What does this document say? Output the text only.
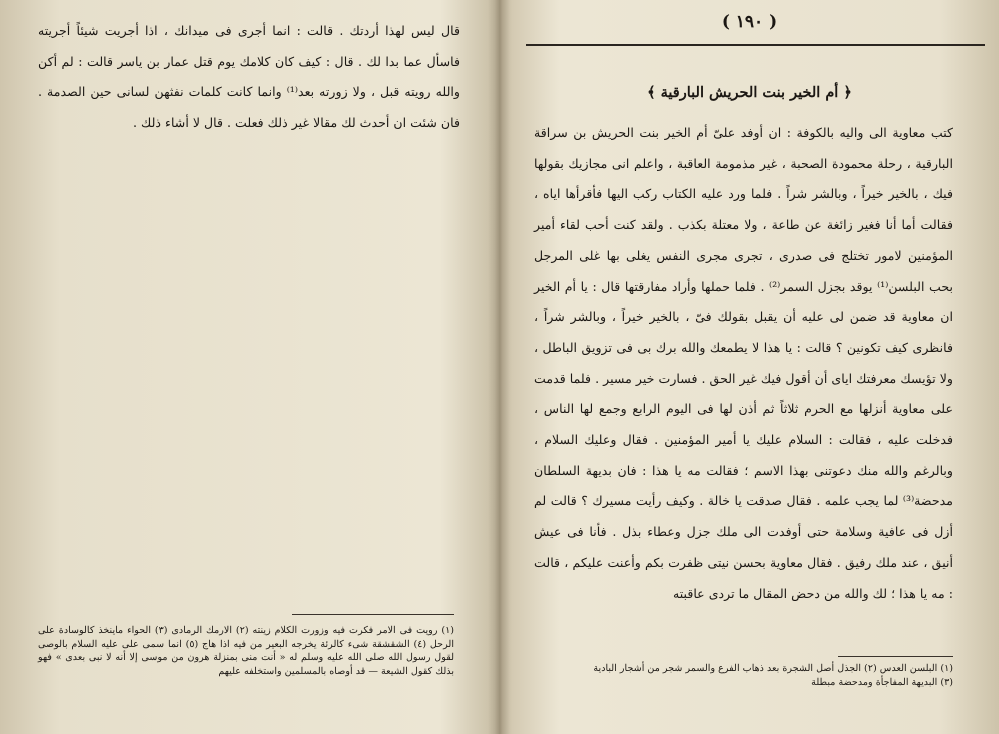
قال ليس لهذا أردتك . قالت : انما أجرى فى ميدانك ، اذا أجريت شيئاً أجريته فاسأل عما بدا لك . قال : كيف كان كلامك يوم قتل عمار بن ياسر قالت : لم أكن والله رويته قبل ، ولا زورته بعد⁽¹⁾ وانما كانت كلمات نفثهن لسانى حين الصدمة . فان شئت ان أحدث لك مقالا غير ذلك فعلت . قال لا أشاء ذلك .

(١) رويت فى الامر فكرت فيه وزورت الكلام زينته (٢) الارمك الرمادى (٣) الحواء ماينخذ كالوسادة على الرحل (٤) الشقشقة شىء كالرئة يخرجه البعير من فيه اذا هاج (٥) انما سمى على عليه السلام بالوصى لقول رسول الله صلى الله عليه وسلم له « أنت منى بمنزلة هرون من موسى إلا أنه لا نبى بعدى » فهو بذلك كقول الشيعة — قد أوصاه بالمسلمين واستخلفه عليهم

( ١٩٠ )
﴿ أم الخير بنت الحريش البارقية ﴾

كتب معاوية الى واليه بالكوفة : ان أوفد علىّ أم الخير بنت الحريش بن سراقة البارقية ، رحلة محمودة الصحبة ، غير مذمومة العاقبة ، واعلم انى مجازيك بقولها فيك ، بالخير خيراً ، وبالشر شراً . فلما ورد عليه الكتاب ركب اليها فأقرأها اياه ، فقالت أما أنا فغير زائغة عن طاعة ، ولا معتلة بكذب . ولقد كنت أحب لقاء أمير المؤمنين لامور تختلج فى صدرى ، تجرى مجرى النفس يغلى بها غلى المرجل بحب البلسن⁽¹⁾ يوقد بجزل السمر⁽²⁾ . فلما حملها وأراد مفارقتها قال : يا أم الخير ان معاوية قد ضمن لى عليه أن يقبل بقولك فىّ ، بالخير خيراً ، وبالشر شراً ، فانظرى كيف تكونين ؟ قالت : يا هذا لا يطمعك والله برك بى فى تزويق الباطل ، ولا تؤيسك معرفتك اياى أن أقول فيك غير الحق . فسارت خير مسير . فلما قدمت على معاوية أنزلها مع الحرم ثلاثاً ثم أذن لها فى اليوم الرابع وجمع لها الناس ، فدخلت عليه ، فقالت : السلام عليك يا أمير المؤمنين . فقال وعليك السلام ، وبالرغم والله منك دعوتنى بهذا الاسم ؛ فقالت مه يا هذا : فان بديهة السلطان مدحضة⁽³⁾ لما يجب علمه . فقال صدقت يا خالة . وكيف رأيت مسيرك ؟ قالت لم أزل فى عافية وسلامة حتى أوفدت الى ملك جزل وعطاء بذل . فأنا فى عيش أنيق ، عند ملك رفيق . فقال معاوية بحسن نيتى ظفرت بكم وأعنت عليكم ، قالت : مه يا هذا ؛ لك والله من دحض المقال ما تردى عاقبته

(١) البلسن العدس (٢) الجذل أصل الشجرة بعد ذهاب الفرع والسمر شجر من أشجار البادية

(٣) البديهة المفاجأة ومدحضة مبطلة
